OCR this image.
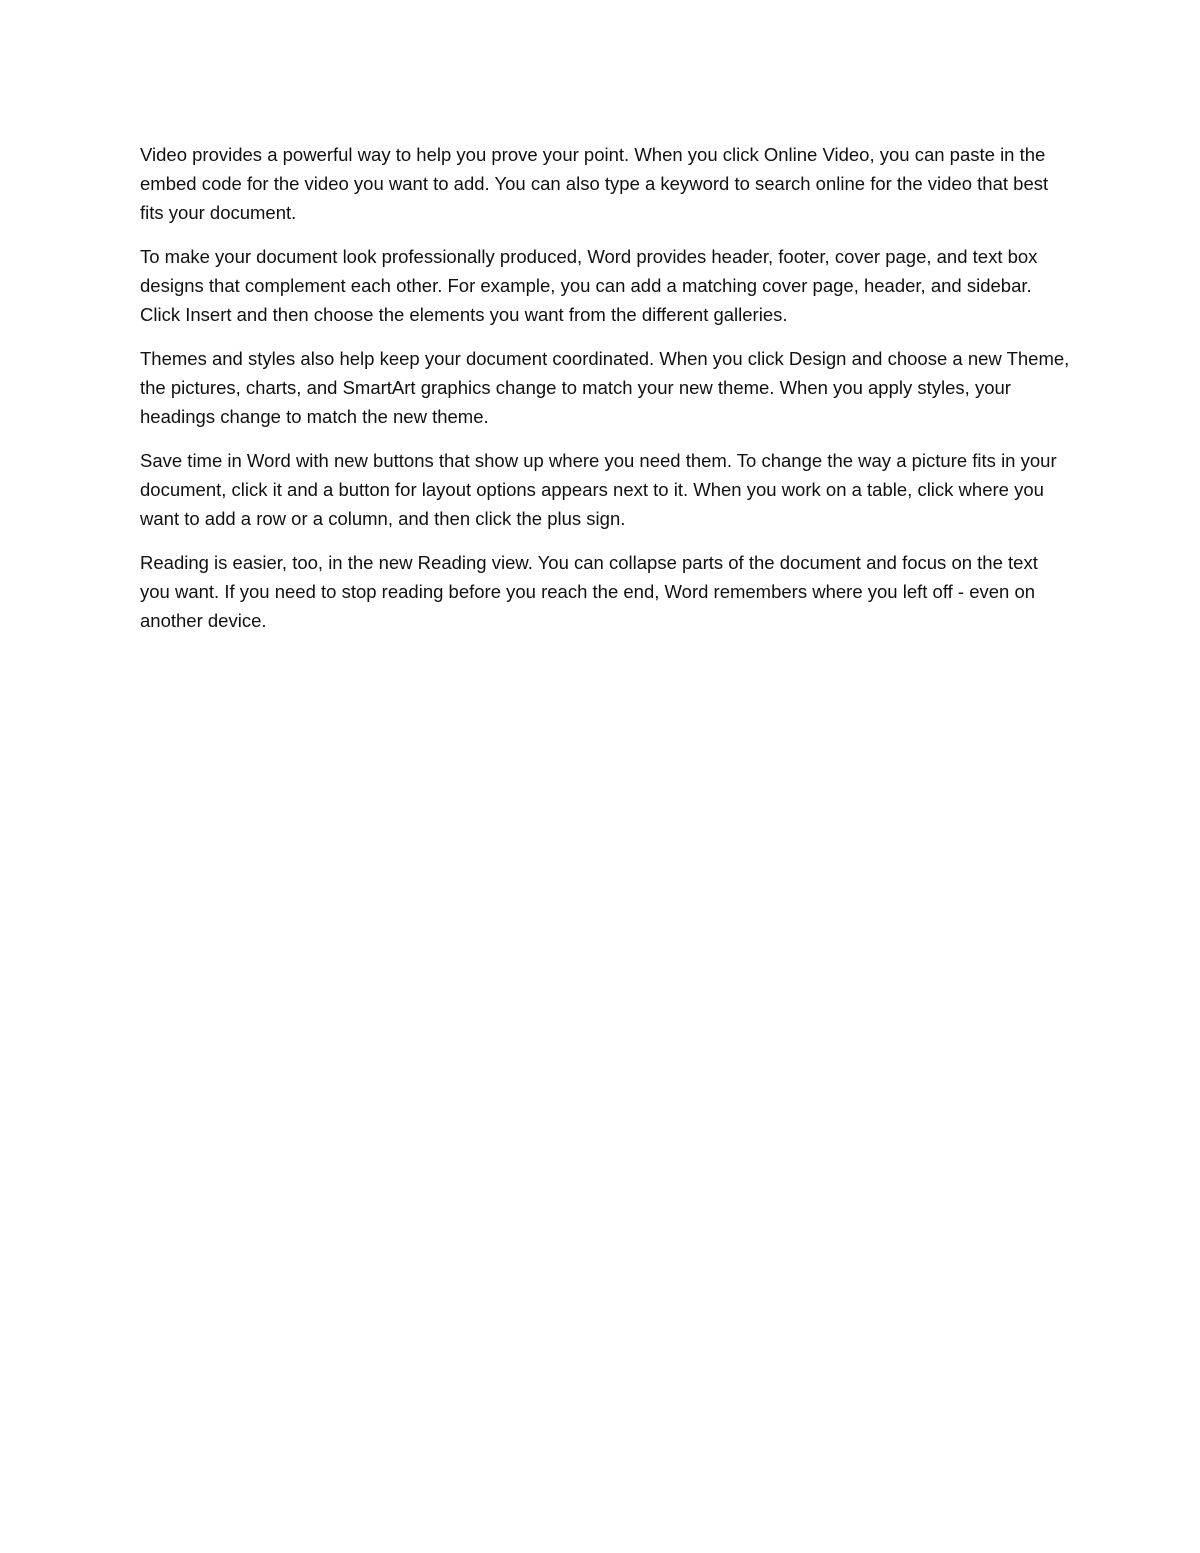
Video provides a powerful way to help you prove your point. When you click Online Video, you can paste in the embed code for the video you want to add. You can also type a keyword to search online for the video that best fits your document.

To make your document look professionally produced, Word provides header, footer, cover page, and text box designs that complement each other. For example, you can add a matching cover page, header, and sidebar. Click Insert and then choose the elements you want from the different galleries.

Themes and styles also help keep your document coordinated. When you click Design and choose a new Theme, the pictures, charts, and SmartArt graphics change to match your new theme. When you apply styles, your headings change to match the new theme.

Save time in Word with new buttons that show up where you need them. To change the way a picture fits in your document, click it and a button for layout options appears next to it. When you work on a table, click where you want to add a row or a column, and then click the plus sign.

Reading is easier, too, in the new Reading view. You can collapse parts of the document and focus on the text you want. If you need to stop reading before you reach the end, Word remembers where you left off - even on another device.
